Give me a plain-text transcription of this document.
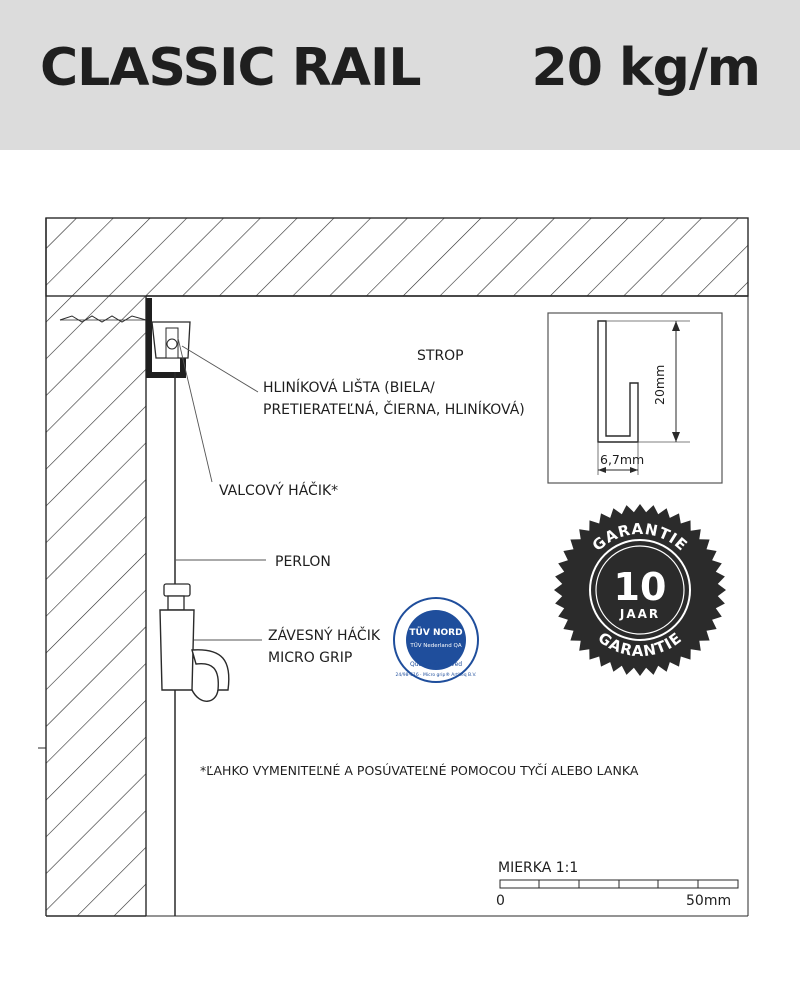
CLASSIC RAIL 20 kg/m
STROP
HLINÍKOVÁ LIŠTA (BIELA/
PRETIERATEĽNÁ, ČIERNA, HLINÍKOVÁ)
VALCOVÝ HÁČIK*
PERLON
ZÁVESNÝ HÁČIK
MICRO GRIP
*ĽAHKO VYMENITEĽNÉ A POSÚVATEĽNÉ POMOCOU TYČÍ ALEBO LANKA
20mm
6,7mm
TÜV NORD
TÜV Nederland QA
Quality Approved
24/98-616 · Micro grip® Artiteq B.V.
GARANTIE
GARANTIE
10
JAAR
MIERKA 1:1
0	50mm
